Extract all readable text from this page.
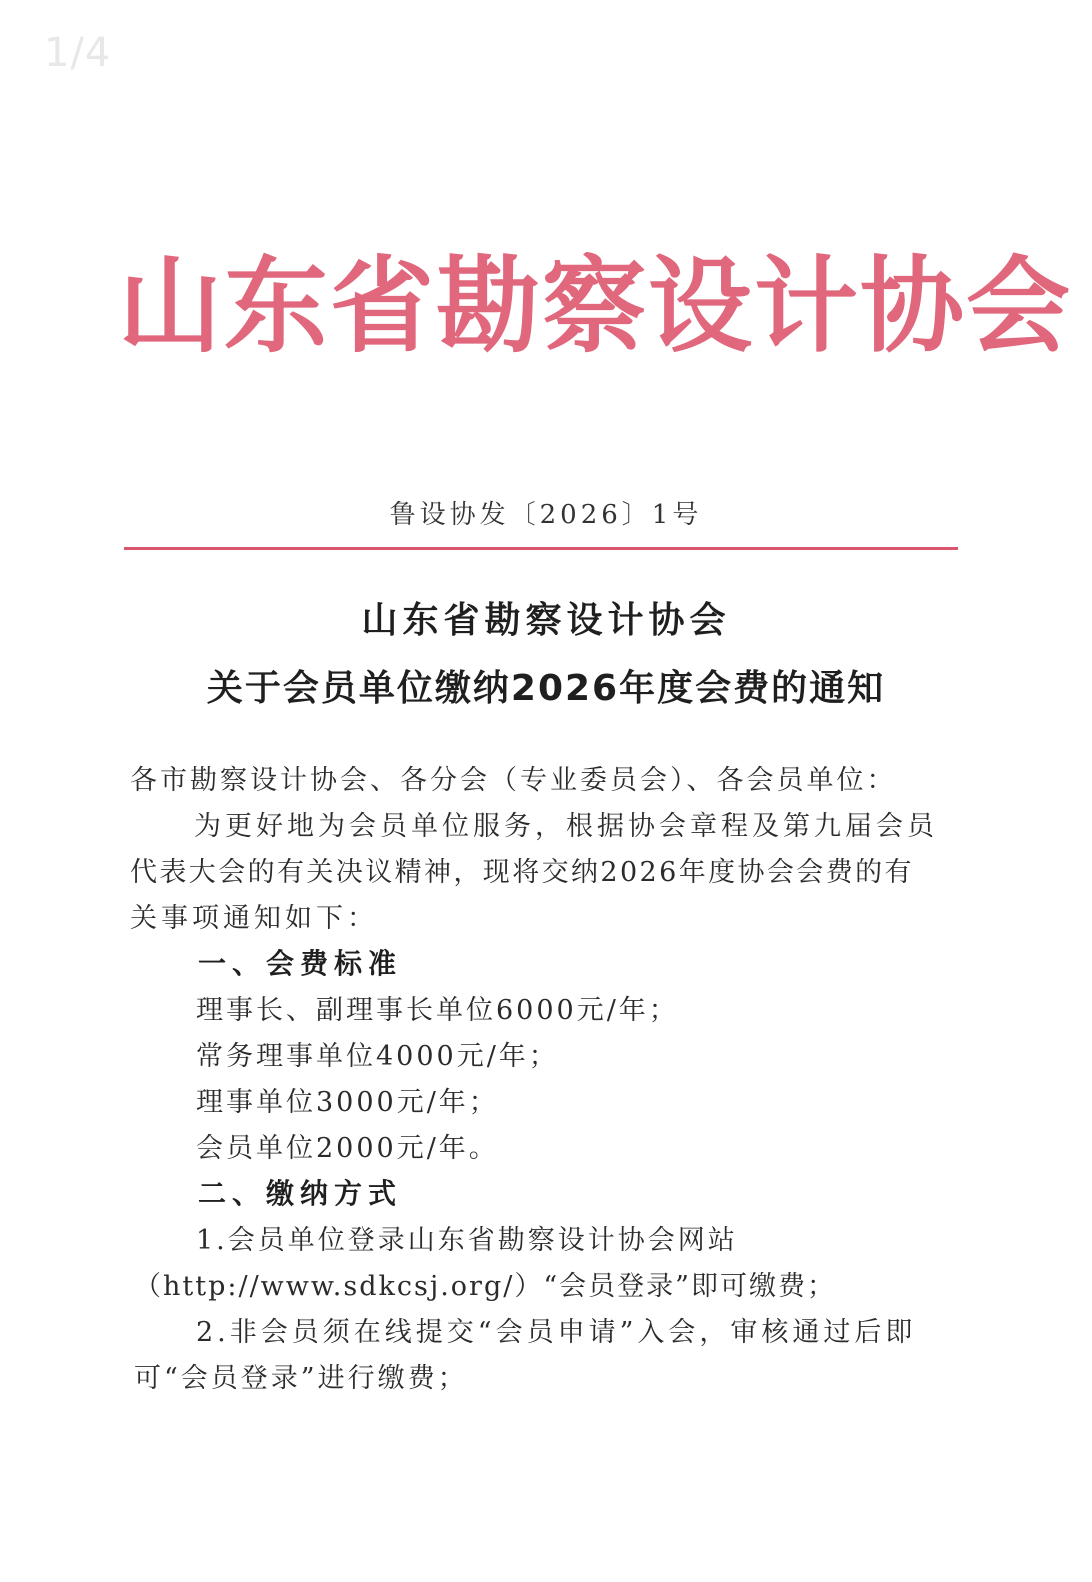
1/4
山东省勘察设计协会
鲁设协发〔2026〕1号
山东省勘察设计协会
关于会员单位缴纳2026年度会费的通知
各市勘察设计协会、各分会（专业委员会）、各会员单位：
为更好地为会员单位服务，根据协会章程及第九届会员
代表大会的有关决议精神，现将交纳2026年度协会会费的有
关事项通知如下：
一、会费标准
理事长、副理事长单位6000元/年；
常务理事单位4000元/年；
理事单位3000元/年；
会员单位2000元/年。
二、缴纳方式
1.会员单位登录山东省勘察设计协会网站
（http://www.sdkcsj.org/）“会员登录”即可缴费；
2.非会员须在线提交“会员申请”入会，审核通过后即
可“会员登录”进行缴费；
